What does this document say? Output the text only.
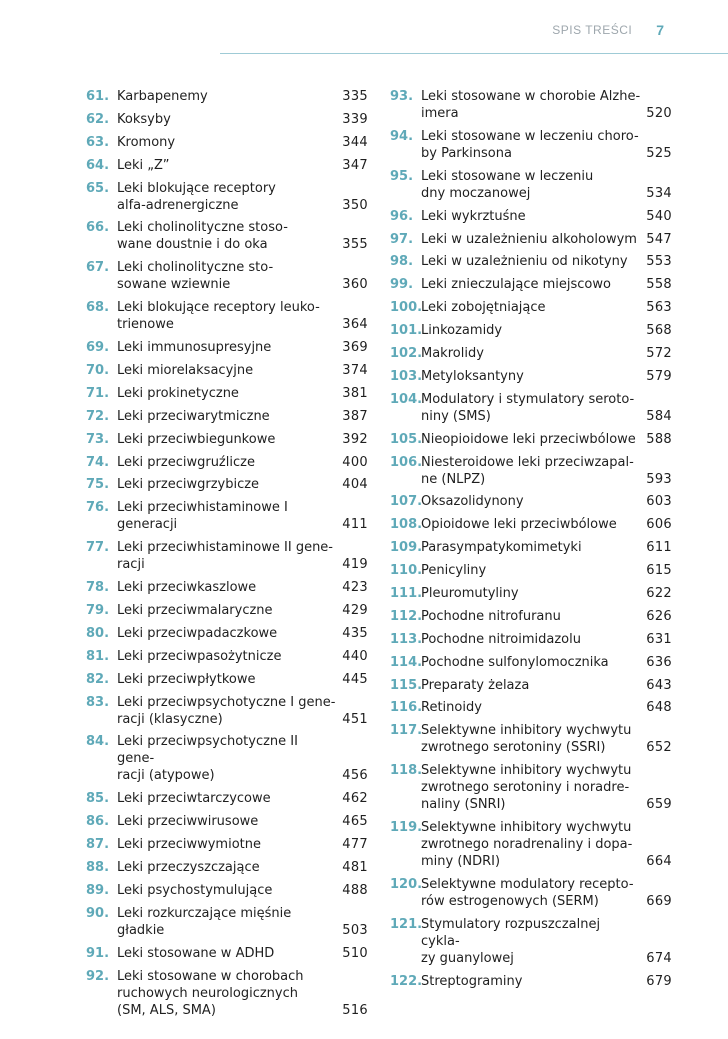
SPIS TREŚCI 7
61. Karbapenemy	335
62. Koksyby	339
63. Kromony	344
64. Leki „Z”	347
65. Leki blokujące receptory
alfa-adrenergiczne	350
66. Leki cholinolityczne stoso-
wane doustnie i do oka	355
67. Leki cholinolityczne sto-
sowane wziewnie	360
68. Leki blokujące receptory leuko-
trienowe	364
69. Leki immunosupresyjne	369
70. Leki miorelaksacyjne	374
71. Leki prokinetyczne	381
72. Leki przeciwarytmiczne	387
73. Leki przeciwbiegunkowe	392
74. Leki przeciwgruźlicze	400
75. Leki przeciwgrzybicze	404
76. Leki przeciwhistaminowe I generacji	411
77. Leki przeciwhistaminowe II gene-
racji	419
78. Leki przeciwkaszlowe	423
79. Leki przeciwmalaryczne	429
80. Leki przeciwpadaczkowe	435
81. Leki przeciwpasożytnicze	440
82. Leki przeciwpłytkowe	445
83. Leki przeciwpsychotyczne I gene-
racji (klasyczne)	451
84. Leki przeciwpsychotyczne II gene-
racji (atypowe)	456
85. Leki przeciwtarczycowe	462
86. Leki przeciwwirusowe	465
87. Leki przeciwwymiotne	477
88. Leki przeczyszczające	481
89. Leki psychostymulujące	488
90. Leki rozkurczające mięśnie gładkie	503
91. Leki stosowane w ADHD	510
92. Leki stosowane w chorobach
ruchowych neurologicznych
(SM, ALS, SMA)	516
93. Leki stosowane w chorobie Alzhe-
imera	520
94. Leki stosowane w leczeniu choro-
by Parkinsona	525
95. Leki stosowane w leczeniu
dny moczanowej	534
96. Leki wykrztuśne	540
97. Leki w uzależnieniu alkoholowym 547
98. Leki w uzależnieniu od nikotyny	553
99. Leki znieczulające miejscowo	558
100.
Leki zobojętniające	563
101.
Linkozamidy	568
102.
Makrolidy	572
103.
Metyloksantyny	579
104.
Modulatory i stymulatory seroto-
niny (SMS)	584
105.
Nieopioidowe leki przeciwbólowe 588
106.
Niesteroidowe leki przeciwzapal-
ne (NLPZ)	593
107.
Oksazolidynony	603
108.
Opioidowe leki przeciwbólowe	606
109.
Parasympatykomimetyki	611
110.
Penicyliny	615
111.
Pleuromutyliny	622
112.
Pochodne nitrofuranu	626
113.
Pochodne nitroimidazolu	631
114.
Pochodne sulfonylomocznika	636
115.
Preparaty żelaza	643
116.
Retinoidy	648
117.
Selektywne inhibitory wychwytu
zwrotnego serotoniny (SSRI)	652
118.
Selektywne inhibitory wychwytu
zwrotnego serotoniny i noradre-
naliny (SNRI)	659
119.
Selektywne inhibitory wychwytu
zwrotnego noradrenaliny i dopa-
miny (NDRI)	664
120.
Selektywne modulatory recepto-
rów estrogenowych (SERM)	669
121.
Stymulatory rozpuszczalnej cykla-
zy guanylowej	674
122.
Streptograminy	679
